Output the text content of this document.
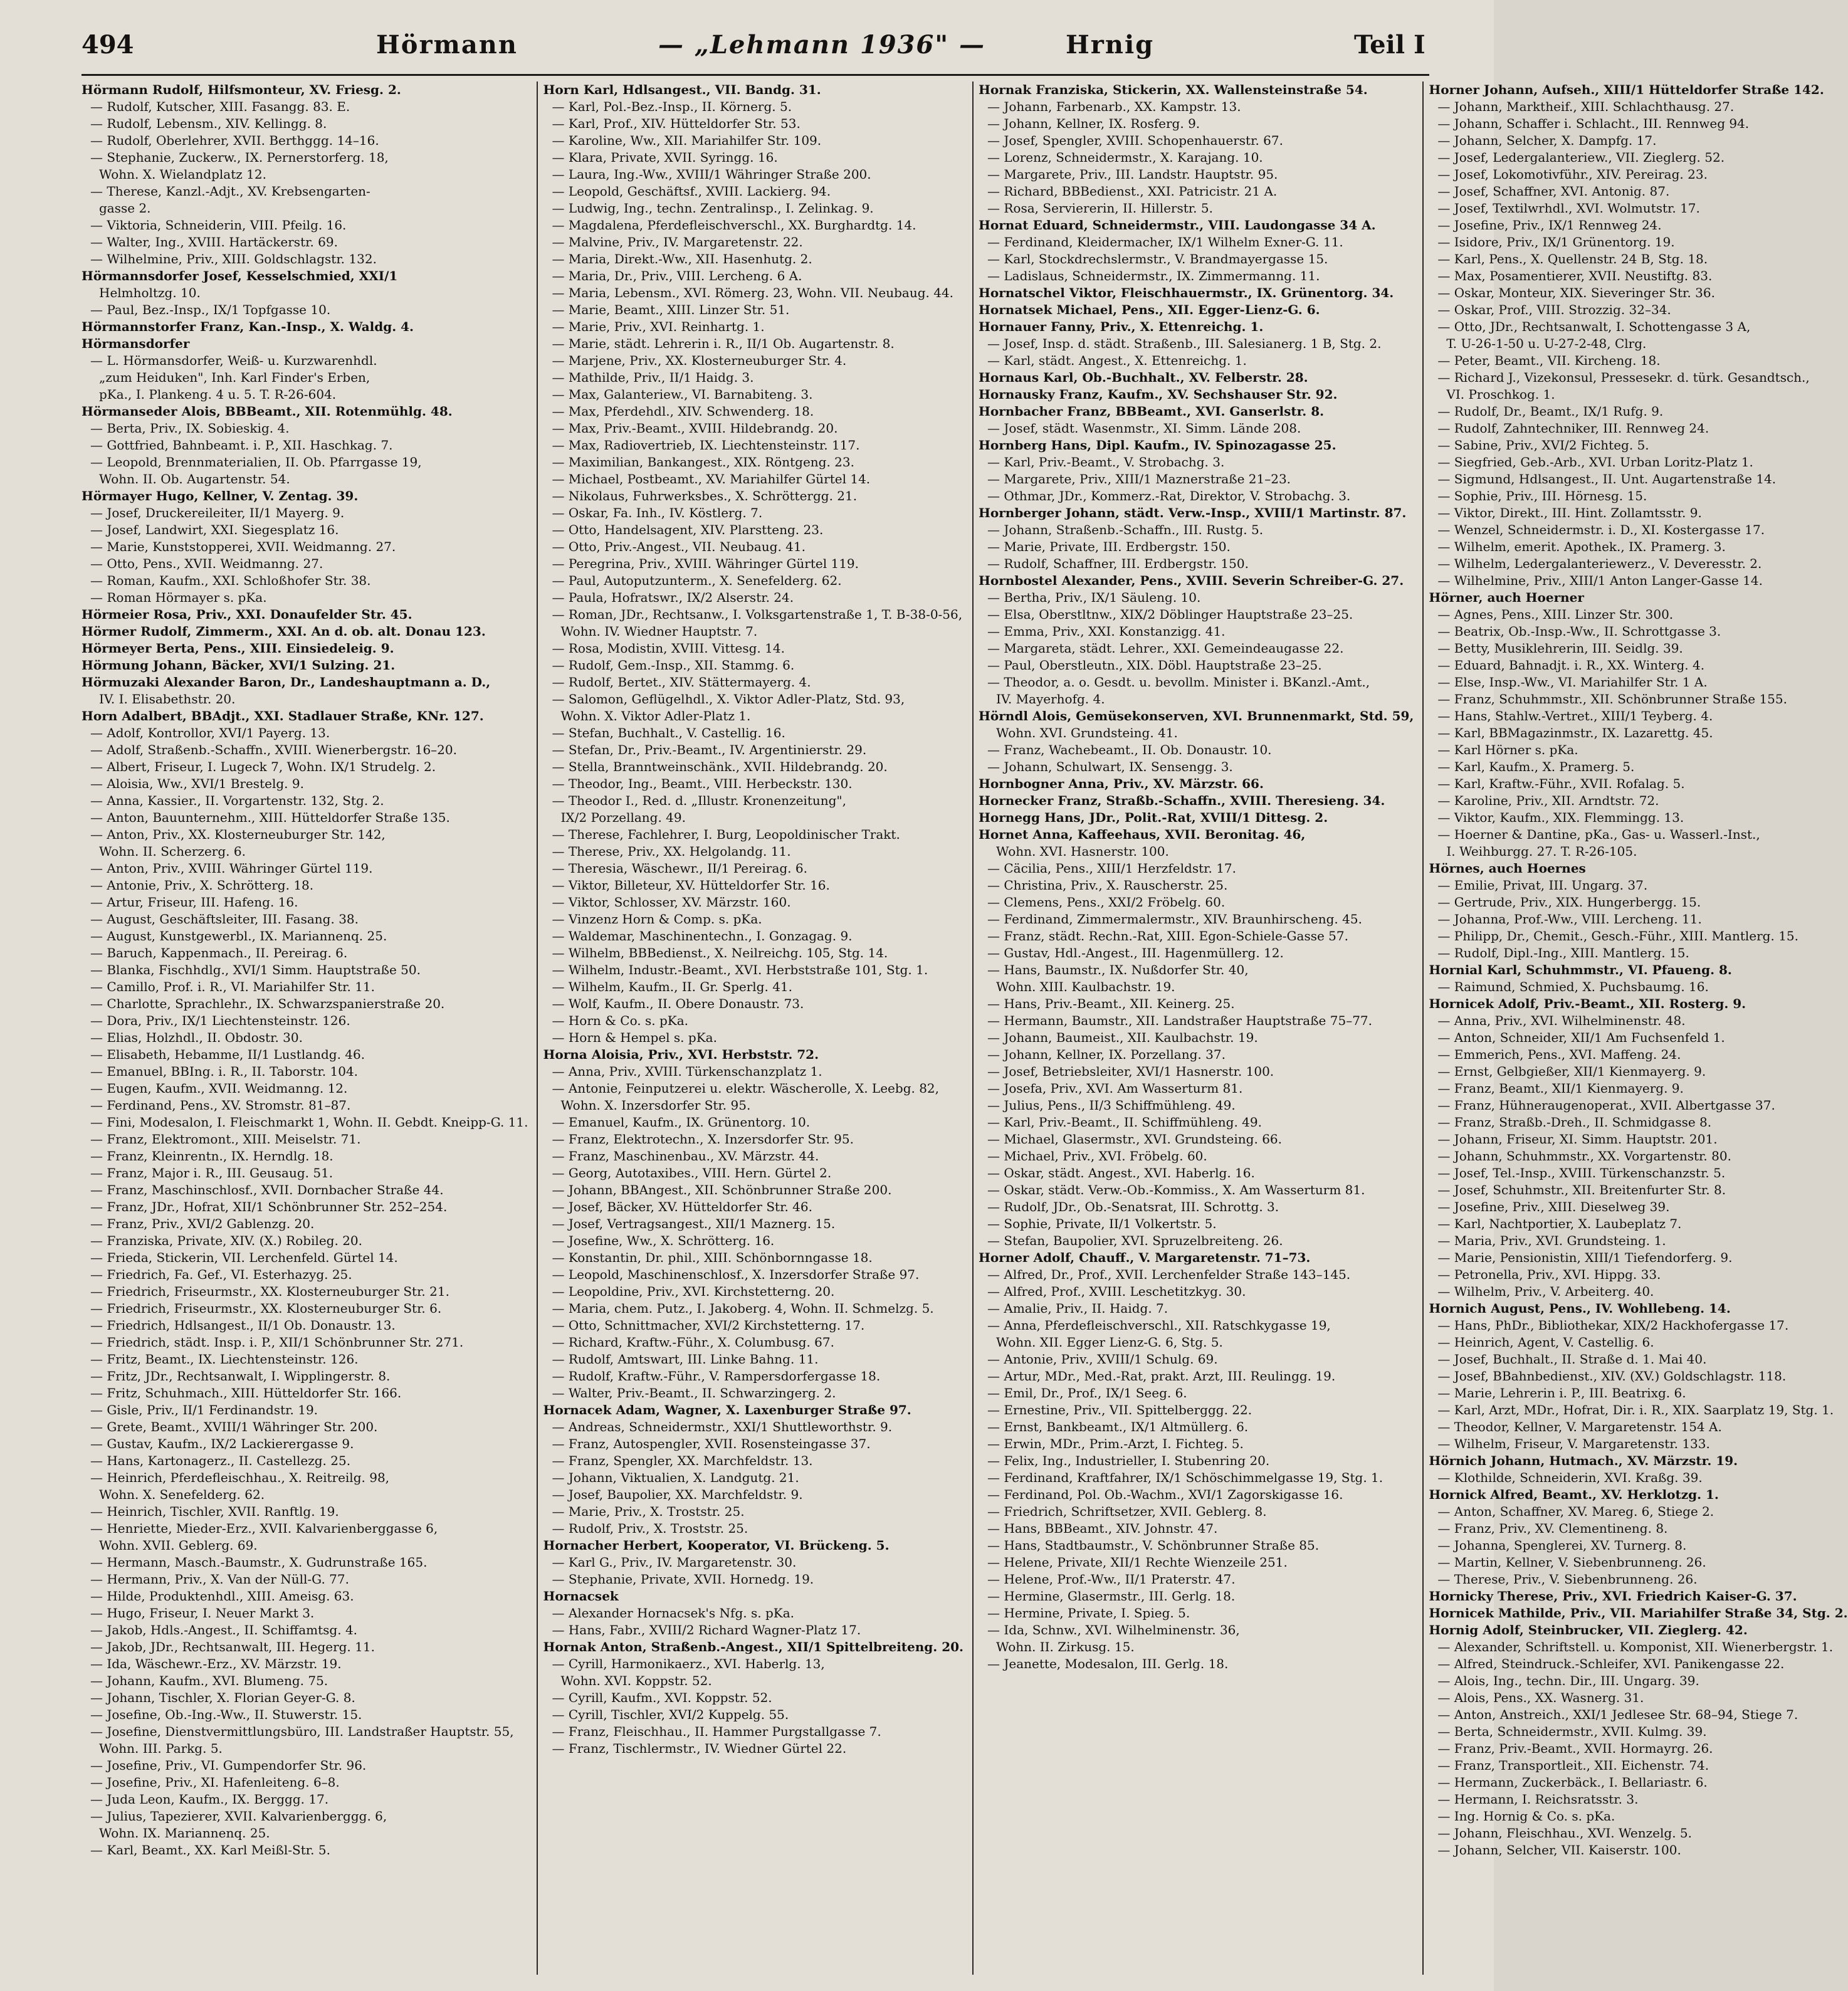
494	Hörmann	— „Lehmann 1936" —	Hrnig	Teil I
Hörmann Rudolf, Hilfsmonteur, XV. Friesg. 2.
— Rudolf, Kutscher, XIII. Fasangg. 83. E.
— Rudolf, Lebensm., XIV. Kellingg. 8.
— Rudolf, Oberlehrer, XVII. Berthggg. 14–16.
— Stephanie, Zuckerw., IX. Pernerstorferg. 18,
Wohn. X. Wielandplatz 12.
— Therese, Kanzl.-Adjt., XV. Krebsengarten-
gasse 2.
— Viktoria, Schneiderin, VIII. Pfeilg. 16.
— Walter, Ing., XVIII. Hartäckerstr. 69.
— Wilhelmine, Priv., XIII. Goldschlagstr. 132.
Hörmannsdorfer Josef, Kesselschmied, XXI/1
Helmholtzg. 10.
— Paul, Bez.-Insp., IX/1 Topfgasse 10.
Hörmannstorfer Franz, Kan.-Insp., X. Waldg. 4.
Hörmansdorfer
— L. Hörmansdorfer, Weiß- u. Kurzwarenhdl.
„zum Heiduken", Inh. Karl Finder's Erben,
pKa., I. Plankeng. 4 u. 5. T. R-26-604.
Hörmanseder Alois, BBBeamt., XII. Rotenmühlg. 48.
— Berta, Priv., IX. Sobieskig. 4.
— Gottfried, Bahnbeamt. i. P., XII. Haschkag. 7.
— Leopold, Brennmaterialien, II. Ob. Pfarrgasse 19,
Wohn. II. Ob. Augartenstr. 54.
Hörmayer Hugo, Kellner, V. Zentag. 39.
— Josef, Druckereileiter, II/1 Mayerg. 9.
— Josef, Landwirt, XXI. Siegesplatz 16.
— Marie, Kunststopperei, XVII. Weidmanng. 27.
— Otto, Pens., XVII. Weidmanng. 27.
— Roman, Kaufm., XXI. Schloßhofer Str. 38.
— Roman Hörmayer s. pKa.
Hörmeier Rosa, Priv., XXI. Donaufelder Str. 45.
Hörmer Rudolf, Zimmerm., XXI. An d. ob. alt. Donau 123.
Hörmeyer Berta, Pens., XIII. Einsiedeleig. 9.
Hörmung Johann, Bäcker, XVI/1 Sulzing. 21.
Hörmuzaki Alexander Baron, Dr., Landeshauptmann a. D.,
IV. I. Elisabethstr. 20.
Horn Adalbert, BBAdjt., XXI. Stadlauer Straße, KNr. 127.
— Adolf, Kontrollor, XVI/1 Payerg. 13.
— Adolf, Straßenb.-Schaffn., XVIII. Wienerbergstr. 16–20.
— Albert, Friseur, I. Lugeck 7, Wohn. IX/1 Strudelg. 2.
— Aloisia, Ww., XVI/1 Brestelg. 9.
— Anna, Kassier., II. Vorgartenstr. 132, Stg. 2.
— Anton, Bauunternehm., XIII. Hütteldorfer Straße 135.
— Anton, Priv., XX. Klosterneuburger Str. 142,
Wohn. II. Scherzerg. 6.
— Anton, Priv., XVIII. Währinger Gürtel 119.
— Antonie, Priv., X. Schrötterg. 18.
— Artur, Friseur, III. Hafeng. 16.
— August, Geschäftsleiter, III. Fasang. 38.
— August, Kunstgewerbl., IX. Mariannenq. 25.
— Baruch, Kappenmach., II. Pereirag. 6.
— Blanka, Fischhdlg., XVI/1 Simm. Hauptstraße 50.
— Camillo, Prof. i. R., VI. Mariahilfer Str. 11.
— Charlotte, Sprachlehr., IX. Schwarzspanierstraße 20.
— Dora, Priv., IX/1 Liechtensteinstr. 126.
— Elias, Holzhdl., II. Obdostr. 30.
— Elisabeth, Hebamme, II/1 Lustlandg. 46.
— Emanuel, BBIng. i. R., II. Taborstr. 104.
— Eugen, Kaufm., XVII. Weidmanng. 12.
— Ferdinand, Pens., XV. Stromstr. 81–87.
— Fini, Modesalon, I. Fleischmarkt 1, Wohn. II. Gebdt. Kneipp-G. 11.
— Franz, Elektromont., XIII. Meiselstr. 71.
— Franz, Kleinrentn., IX. Herndlg. 18.
— Franz, Major i. R., III. Geusaug. 51.
— Franz, Maschinschlosf., XVII. Dornbacher Straße 44.
— Franz, JDr., Hofrat, XII/1 Schönbrunner Str. 252–254.
— Franz, Priv., XVI/2 Gablenzg. 20.
— Franziska, Private, XIV. (X.) Robileg. 20.
— Frieda, Stickerin, VII. Lerchenfeld. Gürtel 14.
— Friedrich, Fa. Gef., VI. Esterhazyg. 25.
— Friedrich, Friseurmstr., XX. Klosterneuburger Str. 21.
— Friedrich, Friseurmstr., XX. Klosterneuburger Str. 6.
— Friedrich, Hdlsangest., II/1 Ob. Donaustr. 13.
— Friedrich, städt. Insp. i. P., XII/1 Schönbrunner Str. 271.
— Fritz, Beamt., IX. Liechtensteinstr. 126.
— Fritz, JDr., Rechtsanwalt, I. Wipplingerstr. 8.
— Fritz, Schuhmach., XIII. Hütteldorfer Str. 166.
— Gisle, Priv., II/1 Ferdinandstr. 19.
— Grete, Beamt., XVIII/1 Währinger Str. 200.
— Gustav, Kaufm., IX/2 Lackierergasse 9.
— Hans, Kartonagerz., II. Castellezg. 25.
— Heinrich, Pferdefleischhau., X. Reitreilg. 98,
Wohn. X. Senefelderg. 62.
— Heinrich, Tischler, XVII. Ranftlg. 19.
— Henriette, Mieder-Erz., XVII. Kalvarienberggasse 6,
Wohn. XVII. Geblerg. 69.
— Hermann, Masch.-Baumstr., X. Gudrunstraße 165.
— Hermann, Priv., X. Van der Nüll-G. 77.
— Hilde, Produktenhdl., XIII. Ameisg. 63.
— Hugo, Friseur, I. Neuer Markt 3.
— Jakob, Hdls.-Angest., II. Schiffamtsg. 4.
— Jakob, JDr., Rechtsanwalt, III. Hegerg. 11.
— Ida, Wäschewr.-Erz., XV. Märzstr. 19.
— Johann, Kaufm., XVI. Blumeng. 75.
— Johann, Tischler, X. Florian Geyer-G. 8.
— Josefine, Ob.-Ing.-Ww., II. Stuwerstr. 15.
— Josefine, Dienstvermittlungsbüro, III. Landstraßer Hauptstr. 55,
Wohn. III. Parkg. 5.
— Josefine, Priv., VI. Gumpendorfer Str. 96.
— Josefine, Priv., XI. Hafenleiteng. 6–8.
— Juda Leon, Kaufm., IX. Berggg. 17.
— Julius, Tapezierer, XVII. Kalvarienberggg. 6,
Wohn. IX. Mariannenq. 25.
— Karl, Beamt., XX. Karl Meißl-Str. 5.
Horn Karl, Hdlsangest., VII. Bandg. 31.
— Karl, Pol.-Bez.-Insp., II. Körnerg. 5.
— Karl, Prof., XIV. Hütteldorfer Str. 53.
— Karoline, Ww., XII. Mariahilfer Str. 109.
— Klara, Private, XVII. Syringg. 16.
— Laura, Ing.-Ww., XVIII/1 Währinger Straße 200.
— Leopold, Geschäftsf., XVIII. Lackierg. 94.
— Ludwig, Ing., techn. Zentralinsp., I. Zelinkag. 9.
— Magdalena, Pferdefleischverschl., XX. Burghardtg. 14.
— Malvine, Priv., IV. Margaretenstr. 22.
— Maria, Direkt.-Ww., XII. Hasenhutg. 2.
— Maria, Dr., Priv., VIII. Lercheng. 6 A.
— Maria, Lebensm., XVI. Römerg. 23, Wohn. VII. Neubaug. 44.
— Marie, Beamt., XIII. Linzer Str. 51.
— Marie, Priv., XVI. Reinhartg. 1.
— Marie, städt. Lehrerin i. R., II/1 Ob. Augartenstr. 8.
— Marjene, Priv., XX. Klosterneuburger Str. 4.
— Mathilde, Priv., II/1 Haidg. 3.
— Max, Galanteriew., VI. Barnabiteng. 3.
— Max, Pferdehdl., XIV. Schwenderg. 18.
— Max, Priv.-Beamt., XVIII. Hildebrandg. 20.
— Max, Radiovertrieb, IX. Liechtensteinstr. 117.
— Maximilian, Bankangest., XIX. Röntgeng. 23.
— Michael, Postbeamt., XV. Mariahilfer Gürtel 14.
— Nikolaus, Fuhrwerksbes., X. Schröttergg. 21.
— Oskar, Fa. Inh., IV. Köstlerg. 7.
— Otto, Handelsagent, XIV. Plarstteng. 23.
— Otto, Priv.-Angest., VII. Neubaug. 41.
— Peregrina, Priv., XVIII. Währinger Gürtel 119.
— Paul, Autoputzunterm., X. Senefelderg. 62.
— Paula, Hofratswr., IX/2 Alserstr. 24.
— Roman, JDr., Rechtsanw., I. Volksgartenstraße 1, T. B-38-0-56,
Wohn. IV. Wiedner Hauptstr. 7.
— Rosa, Modistin, XVIII. Vittesg. 14.
— Rudolf, Gem.-Insp., XII. Stammg. 6.
— Rudolf, Bertet., XIV. Stättermayerg. 4.
— Salomon, Geflügelhdl., X. Viktor Adler-Platz, Std. 93,
Wohn. X. Viktor Adler-Platz 1.
— Stefan, Buchhalt., V. Castellig. 16.
— Stefan, Dr., Priv.-Beamt., IV. Argentinierstr. 29.
— Stella, Branntweinschänk., XVII. Hildebrandg. 20.
— Theodor, Ing., Beamt., VIII. Herbeckstr. 130.
— Theodor I., Red. d. „Illustr. Kronenzeitung",
IX/2 Porzellang. 49.
— Therese, Fachlehrer, I. Burg, Leopoldinischer Trakt.
— Therese, Priv., XX. Helgolandg. 11.
— Theresia, Wäschewr., II/1 Pereirag. 6.
— Viktor, Billeteur, XV. Hütteldorfer Str. 16.
— Viktor, Schlosser, XV. Märzstr. 160.
— Vinzenz Horn & Comp. s. pKa.
— Waldemar, Maschinentechn., I. Gonzagag. 9.
— Wilhelm, BBBedienst., X. Neilreichg. 105, Stg. 14.
— Wilhelm, Industr.-Beamt., XVI. Herbststraße 101, Stg. 1.
— Wilhelm, Kaufm., II. Gr. Sperlg. 41.
— Wolf, Kaufm., II. Obere Donaustr. 73.
— Horn & Co. s. pKa.
— Horn & Hempel s. pKa.
Horna Aloisia, Priv., XVI. Herbststr. 72.
— Anna, Priv., XVIII. Türkenschanzplatz 1.
— Antonie, Feinputzerei u. elektr. Wäscherolle, X. Leebg. 82,
Wohn. X. Inzersdorfer Str. 95.
— Emanuel, Kaufm., IX. Grünentorg. 10.
— Franz, Elektrotechn., X. Inzersdorfer Str. 95.
— Franz, Maschinenbau., XV. Märzstr. 44.
— Georg, Autotaxibes., VIII. Hern. Gürtel 2.
— Johann, BBAngest., XII. Schönbrunner Straße 200.
— Josef, Bäcker, XV. Hütteldorfer Str. 46.
— Josef, Vertragsangest., XII/1 Maznerg. 15.
— Josefine, Ww., X. Schrötterg. 16.
— Konstantin, Dr. phil., XIII. Schönbornngasse 18.
— Leopold, Maschinenschlosf., X. Inzersdorfer Straße 97.
— Leopoldine, Priv., XVI. Kirchstetterng. 20.
— Maria, chem. Putz., I. Jakoberg. 4, Wohn. II. Schmelzg. 5.
— Otto, Schnittmacher, XVI/2 Kirchstetterng. 17.
— Richard, Kraftw.-Führ., X. Columbusg. 67.
— Rudolf, Amtswart, III. Linke Bahng. 11.
— Rudolf, Kraftw.-Führ., V. Rampersdorfergasse 18.
— Walter, Priv.-Beamt., II. Schwarzingerg. 2.
Hornacek Adam, Wagner, X. Laxenburger Straße 97.
— Andreas, Schneidermstr., XXI/1 Shuttleworthstr. 9.
— Franz, Autospengler, XVII. Rosensteingasse 37.
— Franz, Spengler, XX. Marchfeldstr. 13.
— Johann, Viktualien, X. Landgutg. 21.
— Josef, Baupolier, XX. Marchfeldstr. 9.
— Marie, Priv., X. Troststr. 25.
— Rudolf, Priv., X. Troststr. 25.
Hornacher Herbert, Kooperator, VI. Brückeng. 5.
— Karl G., Priv., IV. Margaretenstr. 30.
— Stephanie, Private, XVII. Hornedg. 19.
Hornacsek
— Alexander Hornacsek's Nfg. s. pKa.
— Hans, Fabr., XVIII/2 Richard Wagner-Platz 17.
Hornak Anton, Straßenb.-Angest., XII/1 Spittelbreiteng. 20.
— Cyrill, Harmonikaerz., XVI. Haberlg. 13,
Wohn. XVI. Koppstr. 52.
— Cyrill, Kaufm., XVI. Koppstr. 52.
— Cyrill, Tischler, XVI/2 Kuppelg. 55.
— Franz, Fleischhau., II. Hammer Purgstallgasse 7.
— Franz, Tischlermstr., IV. Wiedner Gürtel 22.
Hornak Franziska, Stickerin, XX. Wallensteinstraße 54.
— Johann, Farbenarb., XX. Kampstr. 13.
— Johann, Kellner, IX. Rosferg. 9.
— Josef, Spengler, XVIII. Schopenhauerstr. 67.
— Lorenz, Schneidermstr., X. Karajang. 10.
— Margarete, Priv., III. Landstr. Hauptstr. 95.
— Richard, BBBedienst., XXI. Patricistr. 21 A.
— Rosa, Serviererin, II. Hillerstr. 5.
Hornat Eduard, Schneidermstr., VIII. Laudongasse 34 A.
— Ferdinand, Kleidermacher, IX/1 Wilhelm Exner-G. 11.
— Karl, Stockdrechslermstr., V. Brandmayergasse 15.
— Ladislaus, Schneidermstr., IX. Zimmermanng. 11.
Hornatschel Viktor, Fleischhauermstr., IX. Grünentorg. 34.
Hornatsek Michael, Pens., XII. Egger-Lienz-G. 6.
Hornauer Fanny, Priv., X. Ettenreichg. 1.
— Josef, Insp. d. städt. Straßenb., III. Salesianerg. 1 B, Stg. 2.
— Karl, städt. Angest., X. Ettenreichg. 1.
Hornaus Karl, Ob.-Buchhalt., XV. Felberstr. 28.
Hornausky Franz, Kaufm., XV. Sechshauser Str. 92.
Hornbacher Franz, BBBeamt., XVI. Ganserlstr. 8.
— Josef, städt. Wasenmstr., XI. Simm. Lände 208.
Hornberg Hans, Dipl. Kaufm., IV. Spinozagasse 25.
— Karl, Priv.-Beamt., V. Strobachg. 3.
— Margarete, Priv., XIII/1 Maznerstraße 21–23.
— Othmar, JDr., Kommerz.-Rat, Direktor, V. Strobachg. 3.
Hornberger Johann, städt. Verw.-Insp., XVIII/1 Martinstr. 87.
— Johann, Straßenb.-Schaffn., III. Rustg. 5.
— Marie, Private, III. Erdbergstr. 150.
— Rudolf, Schaffner, III. Erdbergstr. 150.
Hornbostel Alexander, Pens., XVIII. Severin Schreiber-G. 27.
— Bertha, Priv., IX/1 Säuleng. 10.
— Elsa, Oberstltnw., XIX/2 Döblinger Hauptstraße 23–25.
— Emma, Priv., XXI. Konstanzigg. 41.
— Margareta, städt. Lehrer., XXI. Gemeindeaugasse 22.
— Paul, Oberstleutn., XIX. Döbl. Hauptstraße 23–25.
— Theodor, a. o. Gesdt. u. bevollm. Minister i. BKanzl.-Amt.,
IV. Mayerhofg. 4.
Hörndl Alois, Gemüsekonserven, XVI. Brunnenmarkt, Std. 59,
Wohn. XVI. Grundsteing. 41.
— Franz, Wachebeamt., II. Ob. Donaustr. 10.
— Johann, Schulwart, IX. Sensengg. 3.
Hornbogner Anna, Priv., XV. Märzstr. 66.
Hornecker Franz, Straßb.-Schaffn., XVIII. Theresieng. 34.
Hornegg Hans, JDr., Polit.-Rat, XVIII/1 Dittesg. 2.
Hornet Anna, Kaffeehaus, XVII. Beronitag. 46,
Wohn. XVI. Hasnerstr. 100.
— Cäcilia, Pens., XIII/1 Herzfeldstr. 17.
— Christina, Priv., X. Rauscherstr. 25.
— Clemens, Pens., XXI/2 Fröbelg. 60.
— Ferdinand, Zimmermalermstr., XIV. Braunhirscheng. 45.
— Franz, städt. Rechn.-Rat, XIII. Egon-Schiele-Gasse 57.
— Gustav, Hdl.-Angest., III. Hagenmüllerg. 12.
— Hans, Baumstr., IX. Nußdorfer Str. 40,
Wohn. XIII. Kaulbachstr. 19.
— Hans, Priv.-Beamt., XII. Keinerg. 25.
— Hermann, Baumstr., XII. Landstraßer Hauptstraße 75–77.
— Johann, Baumeist., XII. Kaulbachstr. 19.
— Johann, Kellner, IX. Porzellang. 37.
— Josef, Betriebsleiter, XVI/1 Hasnerstr. 100.
— Josefa, Priv., XVI. Am Wasserturm 81.
— Julius, Pens., II/3 Schiffmühleng. 49.
— Karl, Priv.-Beamt., II. Schiffmühleng. 49.
— Michael, Glasermstr., XVI. Grundsteing. 66.
— Michael, Priv., XVI. Fröbelg. 60.
— Oskar, städt. Angest., XVI. Haberlg. 16.
— Oskar, städt. Verw.-Ob.-Kommiss., X. Am Wasserturm 81.
— Rudolf, JDr., Ob.-Senatsrat, III. Schrottg. 3.
— Sophie, Private, II/1 Volkertstr. 5.
— Stefan, Baupolier, XVI. Spruzelbreiteng. 26.
Horner Adolf, Chauff., V. Margaretenstr. 71–73.
— Alfred, Dr., Prof., XVII. Lerchenfelder Straße 143–145.
— Alfred, Prof., XVIII. Leschetitzkyg. 30.
— Amalie, Priv., II. Haidg. 7.
— Anna, Pferdefleischverschl., XII. Ratschkygasse 19,
Wohn. XII. Egger Lienz-G. 6, Stg. 5.
— Antonie, Priv., XVIII/1 Schulg. 69.
— Artur, MDr., Med.-Rat, prakt. Arzt, III. Reulingg. 19.
— Emil, Dr., Prof., IX/1 Seeg. 6.
— Ernestine, Priv., VII. Spittelberggg. 22.
— Ernst, Bankbeamt., IX/1 Altmüllerg. 6.
— Erwin, MDr., Prim.-Arzt, I. Fichteg. 5.
— Felix, Ing., Industrieller, I. Stubenring 20.
— Ferdinand, Kraftfahrer, IX/1 Schöschimmelgasse 19, Stg. 1.
— Ferdinand, Pol. Ob.-Wachm., XVI/1 Zagorskigasse 16.
— Friedrich, Schriftsetzer, XVII. Geblerg. 8.
— Hans, BBBeamt., XIV. Johnstr. 47.
— Hans, Stadtbaumstr., V. Schönbrunner Straße 85.
— Helene, Private, XII/1 Rechte Wienzeile 251.
— Helene, Prof.-Ww., II/1 Praterstr. 47.
— Hermine, Glasermstr., III. Gerlg. 18.
— Hermine, Private, I. Spieg. 5.
— Ida, Schnw., XVI. Wilhelminenstr. 36,
Wohn. II. Zirkusg. 15.
— Jeanette, Modesalon, III. Gerlg. 18.
Horner Johann, Aufseh., XIII/1 Hütteldorfer Straße 142.
— Johann, Marktheif., XIII. Schlachthausg. 27.
— Johann, Schaffer i. Schlacht., III. Rennweg 94.
— Johann, Selcher, X. Dampfg. 17.
— Josef, Ledergalanteriew., VII. Zieglerg. 52.
— Josef, Lokomotivführ., XIV. Pereirag. 23.
— Josef, Schaffner, XVI. Antonig. 87.
— Josef, Textilwrhdl., XVI. Wolmutstr. 17.
— Josefine, Priv., IX/1 Rennweg 24.
— Isidore, Priv., IX/1 Grünentorg. 19.
— Karl, Pens., X. Quellenstr. 24 B, Stg. 18.
— Max, Posamentierer, XVII. Neustiftg. 83.
— Oskar, Monteur, XIX. Sieveringer Str. 36.
— Oskar, Prof., VIII. Strozzig. 32–34.
— Otto, JDr., Rechtsanwalt, I. Schottengasse 3 A,
T. U-26-1-50 u. U-27-2-48, Clrg.
— Peter, Beamt., VII. Kircheng. 18.
— Richard J., Vizekonsul, Pressesekr. d. türk. Gesandtsch.,
VI. Proschkog. 1.
— Rudolf, Dr., Beamt., IX/1 Rufg. 9.
— Rudolf, Zahntechniker, III. Rennweg 24.
— Sabine, Priv., XVI/2 Fichteg. 5.
— Siegfried, Geb.-Arb., XVI. Urban Loritz-Platz 1.
— Sigmund, Hdlsangest., II. Unt. Augartenstraße 14.
— Sophie, Priv., III. Hörnesg. 15.
— Viktor, Direkt., III. Hint. Zollamtsstr. 9.
— Wenzel, Schneidermstr. i. D., XI. Kostergasse 17.
— Wilhelm, emerit. Apothek., IX. Pramerg. 3.
— Wilhelm, Ledergalanteriewerz., V. Deveresstr. 2.
— Wilhelmine, Priv., XIII/1 Anton Langer-Gasse 14.
Hörner, auch Hoerner
— Agnes, Pens., XIII. Linzer Str. 300.
— Beatrix, Ob.-Insp.-Ww., II. Schrottgasse 3.
— Betty, Musiklehrerin, III. Seidlg. 39.
— Eduard, Bahnadjt. i. R., XX. Winterg. 4.
— Else, Insp.-Ww., VI. Mariahilfer Str. 1 A.
— Franz, Schuhmmstr., XII. Schönbrunner Straße 155.
— Hans, Stahlw.-Vertret., XIII/1 Teyberg. 4.
— Karl, BBMagazinmstr., IX. Lazarettg. 45.
— Karl Hörner s. pKa.
— Karl, Kaufm., X. Pramerg. 5.
— Karl, Kraftw.-Führ., XVII. Rofalag. 5.
— Karoline, Priv., XII. Arndtstr. 72.
— Viktor, Kaufm., XIX. Flemmingg. 13.
— Hoerner & Dantine, pKa., Gas- u. Wasserl.-Inst.,
I. Weihburgg. 27. T. R-26-105.
Hörnes, auch Hoernes
— Emilie, Privat, III. Ungarg. 37.
— Gertrude, Priv., XIX. Hungerbergg. 15.
— Johanna, Prof.-Ww., VIII. Lercheng. 11.
— Philipp, Dr., Chemit., Gesch.-Führ., XIII. Mantlerg. 15.
— Rudolf, Dipl.-Ing., XIII. Mantlerg. 15.
Hornial Karl, Schuhmmstr., VI. Pfaueng. 8.
— Raimund, Schmied, X. Puchsbaumg. 16.
Hornicek Adolf, Priv.-Beamt., XII. Rosterg. 9.
— Anna, Priv., XVI. Wilhelminenstr. 48.
— Anton, Schneider, XII/1 Am Fuchsenfeld 1.
— Emmerich, Pens., XVI. Maffeng. 24.
— Ernst, Gelbgießer, XII/1 Kienmayerg. 9.
— Franz, Beamt., XII/1 Kienmayerg. 9.
— Franz, Hühneraugenoperat., XVII. Albertgasse 37.
— Franz, Straßb.-Dreh., II. Schmidgasse 8.
— Johann, Friseur, XI. Simm. Hauptstr. 201.
— Johann, Schuhmmstr., XX. Vorgartenstr. 80.
— Josef, Tel.-Insp., XVIII. Türkenschanzstr. 5.
— Josef, Schuhmstr., XII. Breitenfurter Str. 8.
— Josefine, Priv., XIII. Dieselweg 39.
— Karl, Nachtportier, X. Laubeplatz 7.
— Maria, Priv., XVI. Grundsteing. 1.
— Marie, Pensionistin, XIII/1 Tiefendorferg. 9.
— Petronella, Priv., XVI. Hippg. 33.
— Wilhelm, Priv., V. Arbeiterg. 40.
Hornich August, Pens., IV. Wohllebeng. 14.
— Hans, PhDr., Bibliothekar, XIX/2 Hackhofergasse 17.
— Heinrich, Agent, V. Castellig. 6.
— Josef, Buchhalt., II. Straße d. 1. Mai 40.
— Josef, BBahnbedienst., XIV. (XV.) Goldschlagstr. 118.
— Marie, Lehrerin i. P., III. Beatrixg. 6.
— Karl, Arzt, MDr., Hofrat, Dir. i. R., XIX. Saarplatz 19, Stg. 1.
— Theodor, Kellner, V. Margaretenstr. 154 A.
— Wilhelm, Friseur, V. Margaretenstr. 133.
Hörnich Johann, Hutmach., XV. Märzstr. 19.
— Klothilde, Schneiderin, XVI. Kraßg. 39.
Hornick Alfred, Beamt., XV. Herklotzg. 1.
— Anton, Schaffner, XV. Mareg. 6, Stiege 2.
— Franz, Priv., XV. Clementineng. 8.
— Johanna, Spenglerei, XV. Turnerg. 8.
— Martin, Kellner, V. Siebenbrunneng. 26.
— Therese, Priv., V. Siebenbrunneng. 26.
Hornicky Therese, Priv., XVI. Friedrich Kaiser-G. 37.
Hornicek Mathilde, Priv., VII. Mariahilfer Straße 34, Stg. 2.
Hornig Adolf, Steinbrucker, VII. Zieglerg. 42.
— Alexander, Schriftstell. u. Komponist, XII. Wienerbergstr. 1.
— Alfred, Steindruck.-Schleifer, XVI. Panikengasse 22.
— Alois, Ing., techn. Dir., III. Ungarg. 39.
— Alois, Pens., XX. Wasnerg. 31.
— Anton, Anstreich., XXI/1 Jedlesee Str. 68–94, Stiege 7.
— Berta, Schneidermstr., XVII. Kulmg. 39.
— Franz, Priv.-Beamt., XVII. Hormayrg. 26.
— Franz, Transportleit., XII. Eichenstr. 74.
— Hermann, Zuckerbäck., I. Bellariastr. 6.
— Hermann, I. Reichsratsstr. 3.
— Ing. Hornig & Co. s. pKa.
— Johann, Fleischhau., XVI. Wenzelg. 5.
— Johann, Selcher, VII. Kaiserstr. 100.
